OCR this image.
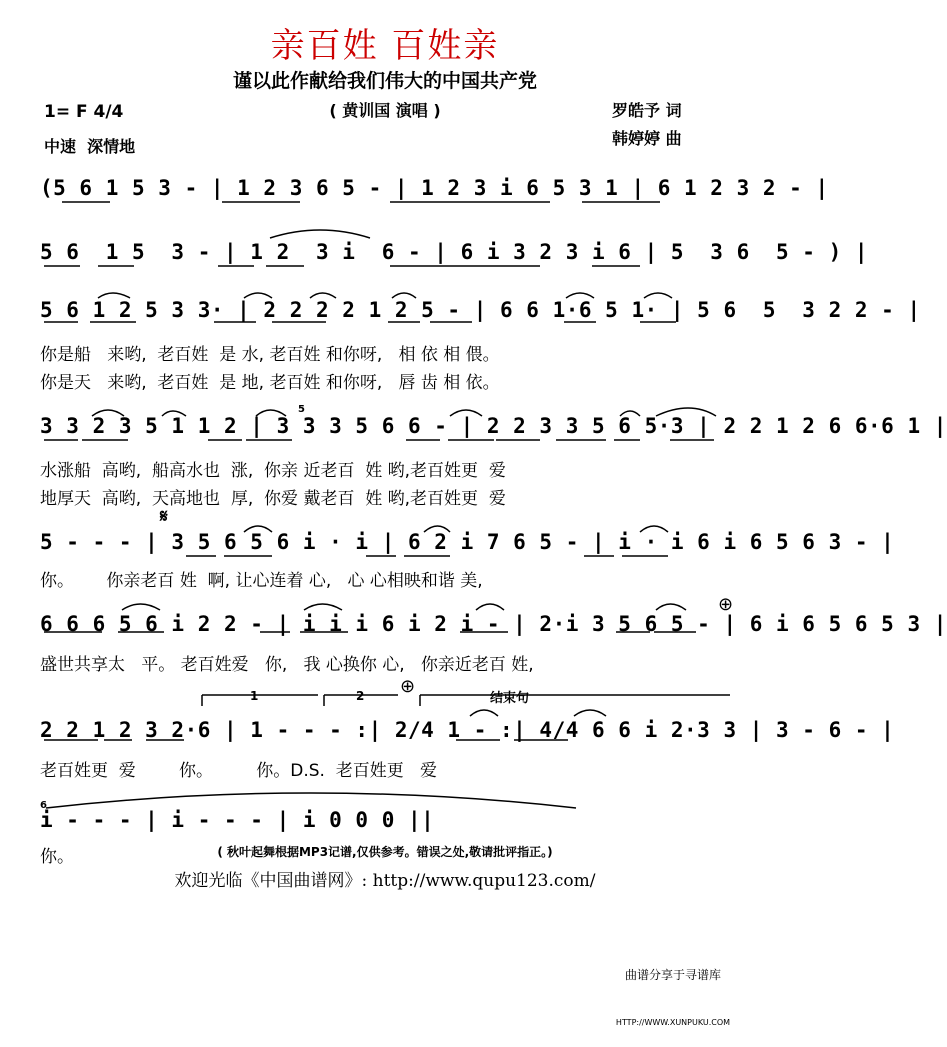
亲百姓 百姓亲
谨以此作献给我们伟大的中国共产党
( 黄训国 演唱 )
1= F 4/4
中速  深情地
罗皓予 词
韩婷婷 曲
(5 6 1 5 3 - | 1 2 3 6 5 - | 1 2 3 i 6 5 3 1 | 6 1 2 3 2 - |
5 6  1 5  3 - | 1 2  3 i  6 - | 6 i 3 2 3 i 6 | 5  3 6  5 - ) |
5 6 1 2 5 3 3· | 2 2 2 2 1 2 5 - | 6 6 1·6 5 1· | 5 6  5  3 2 2 - |
你是船   来哟,  老百姓  是 水, 老百姓 和你呀,   相 依 相 偎。
你是天   来哟,  老百姓  是 地, 老百姓 和你呀,   唇 齿 相 依。
3 3 2 3 5 1 1 2 | 3 3 3 5 6 6 - | 2 2 3 3 5 6 5·3 | 2 2 1 2 6 6·6 1 |
5
水涨船  高哟,  船高水也  涨,  你亲 近老百  姓 哟,老百姓更  爱
地厚天  高哟,  天高地也  厚,  你爱 戴老百  姓 哟,老百姓更  爱
𝄋
5 - - - | 3 5 6 5 6 i · i | 6 2 i 7 6 5 - | i · i 6 i 6 5 6 3 - |
你。      你亲老百 姓  啊, 让心连着 心,   心 心相映和谐 美,
⊕
6 6 6 5 6 i 2 2 - | i i i 6 i 2 i - | 2·i 3 5 6 5 - | 6 i 6 5 6 5 3 |
盛世共享太   平。 老百姓爱   你,   我 心换你 心,   你亲近老百 姓,
1	2 ⊕
结束句
2 2 1 2 3 2·6 | 1 - - - :| 2/4 1 - :| 4/4 6 6 i 2·3 3 | 3 - 6 - |
老百姓更  爱        你。        你。D.S.  老百姓更   爱
6
i - - - | i - - - | i 0 0 0 ||
你。	( 秋叶起舞根据MP3记谱,仅供参考。错误之处,敬请批评指正。)
欢迎光临《中国曲谱网》: http://www.qupu123.com/

曲谱分享于寻谱库

HTTP://WWW.XUNPUKU.COM
